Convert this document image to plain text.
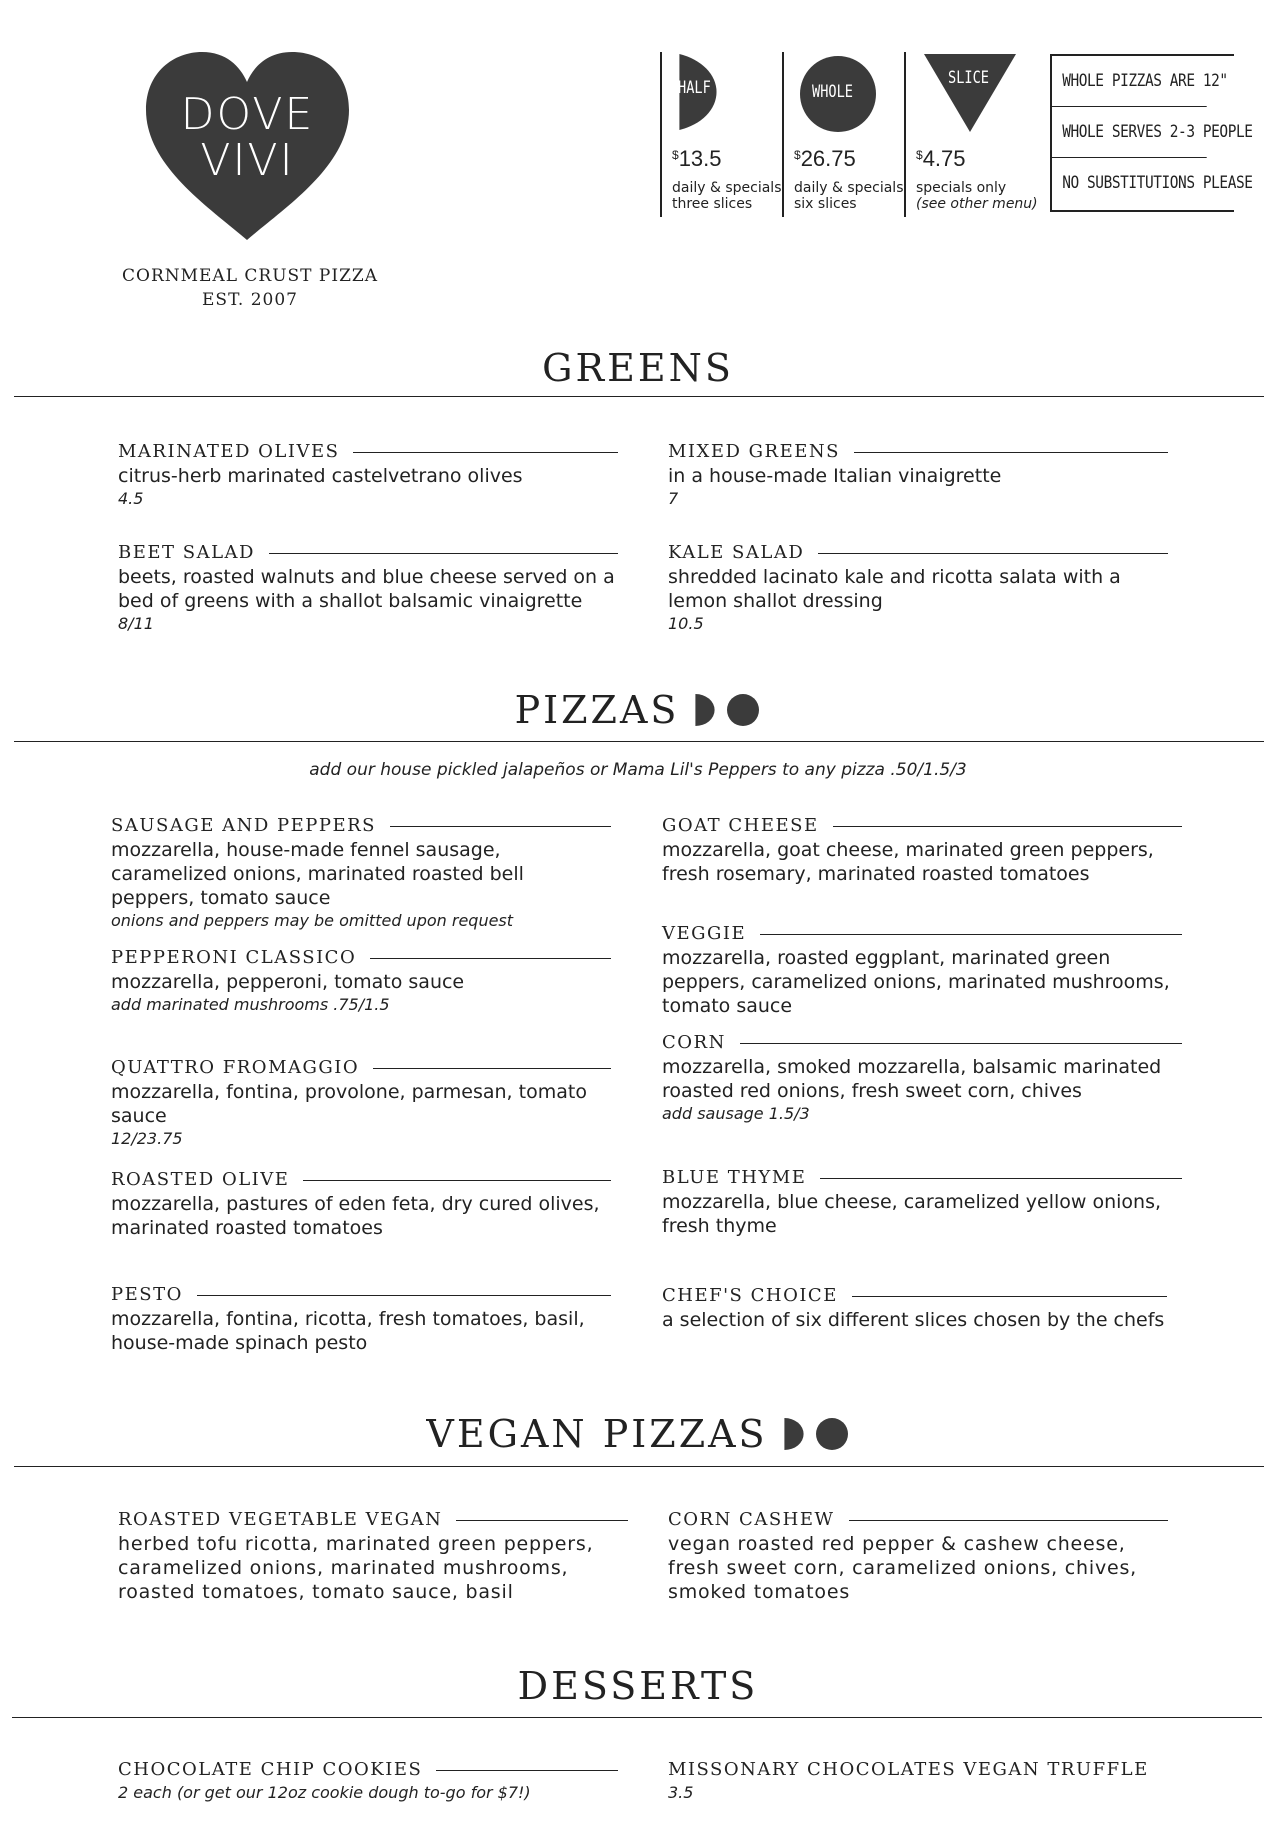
DOVE
VIVI
CORNMEAL CRUST PIZZA
EST. 2007
HALF
$13.5
daily & specials
three slices
WHOLE
$26.75
daily & specials
six slices
SLICE
$4.75
specials only
(see other menu)
WHOLE PIZZAS ARE 12"
WHOLE SERVES 2-3 PEOPLE
NO SUBSTITUTIONS PLEASE
GREENS
MARINATED OLIVES
citrus-herb marinated castelvetrano olives
4.5
MIXED GREENS
in a house-made Italian vinaigrette
7
BEET SALAD
beets, roasted walnuts and blue cheese served on a bed of greens with a shallot balsamic vinaigrette
8/11
KALE SALAD
shredded lacinato kale and ricotta salata with a lemon shallot dressing
10.5
PIZZAS
add our house pickled jalapeños or Mama Lil's Peppers to any pizza .50/1.5/3
SAUSAGE AND PEPPERS
mozzarella, house-made fennel sausage, caramelized onions, marinated roasted bell peppers, tomato sauce
onions and peppers may be omitted upon request
PEPPERONI CLASSICO
mozzarella, pepperoni, tomato sauce
add marinated mushrooms .75/1.5
QUATTRO FROMAGGIO
mozzarella, fontina, provolone, parmesan, tomato sauce
12/23.75
ROASTED OLIVE
mozzarella, pastures of eden feta, dry cured olives, marinated roasted tomatoes
PESTO
mozzarella, fontina, ricotta, fresh tomatoes, basil, house-made spinach pesto
GOAT CHEESE
mozzarella, goat cheese, marinated green peppers, fresh rosemary, marinated roasted tomatoes
VEGGIE
mozzarella, roasted eggplant, marinated green peppers, caramelized onions, marinated mushrooms, tomato sauce
CORN
mozzarella, smoked mozzarella, balsamic marinated roasted red onions, fresh sweet corn, chives
add sausage 1.5/3
BLUE THYME
mozzarella, blue cheese, caramelized yellow onions, fresh thyme
CHEF'S CHOICE
a selection of six different slices chosen by the chefs
VEGAN PIZZAS
ROASTED VEGETABLE VEGAN
herbed tofu ricotta, marinated green peppers, caramelized onions, marinated mushrooms, roasted tomatoes, tomato sauce, basil
CORN CASHEW
vegan roasted red pepper & cashew cheese, fresh sweet corn, caramelized onions, chives, smoked tomatoes
DESSERTS
CHOCOLATE CHIP COOKIES
2 each (or get our 12oz cookie dough to-go for $7!)
MISSONARY CHOCOLATES VEGAN TRUFFLE
3.5
